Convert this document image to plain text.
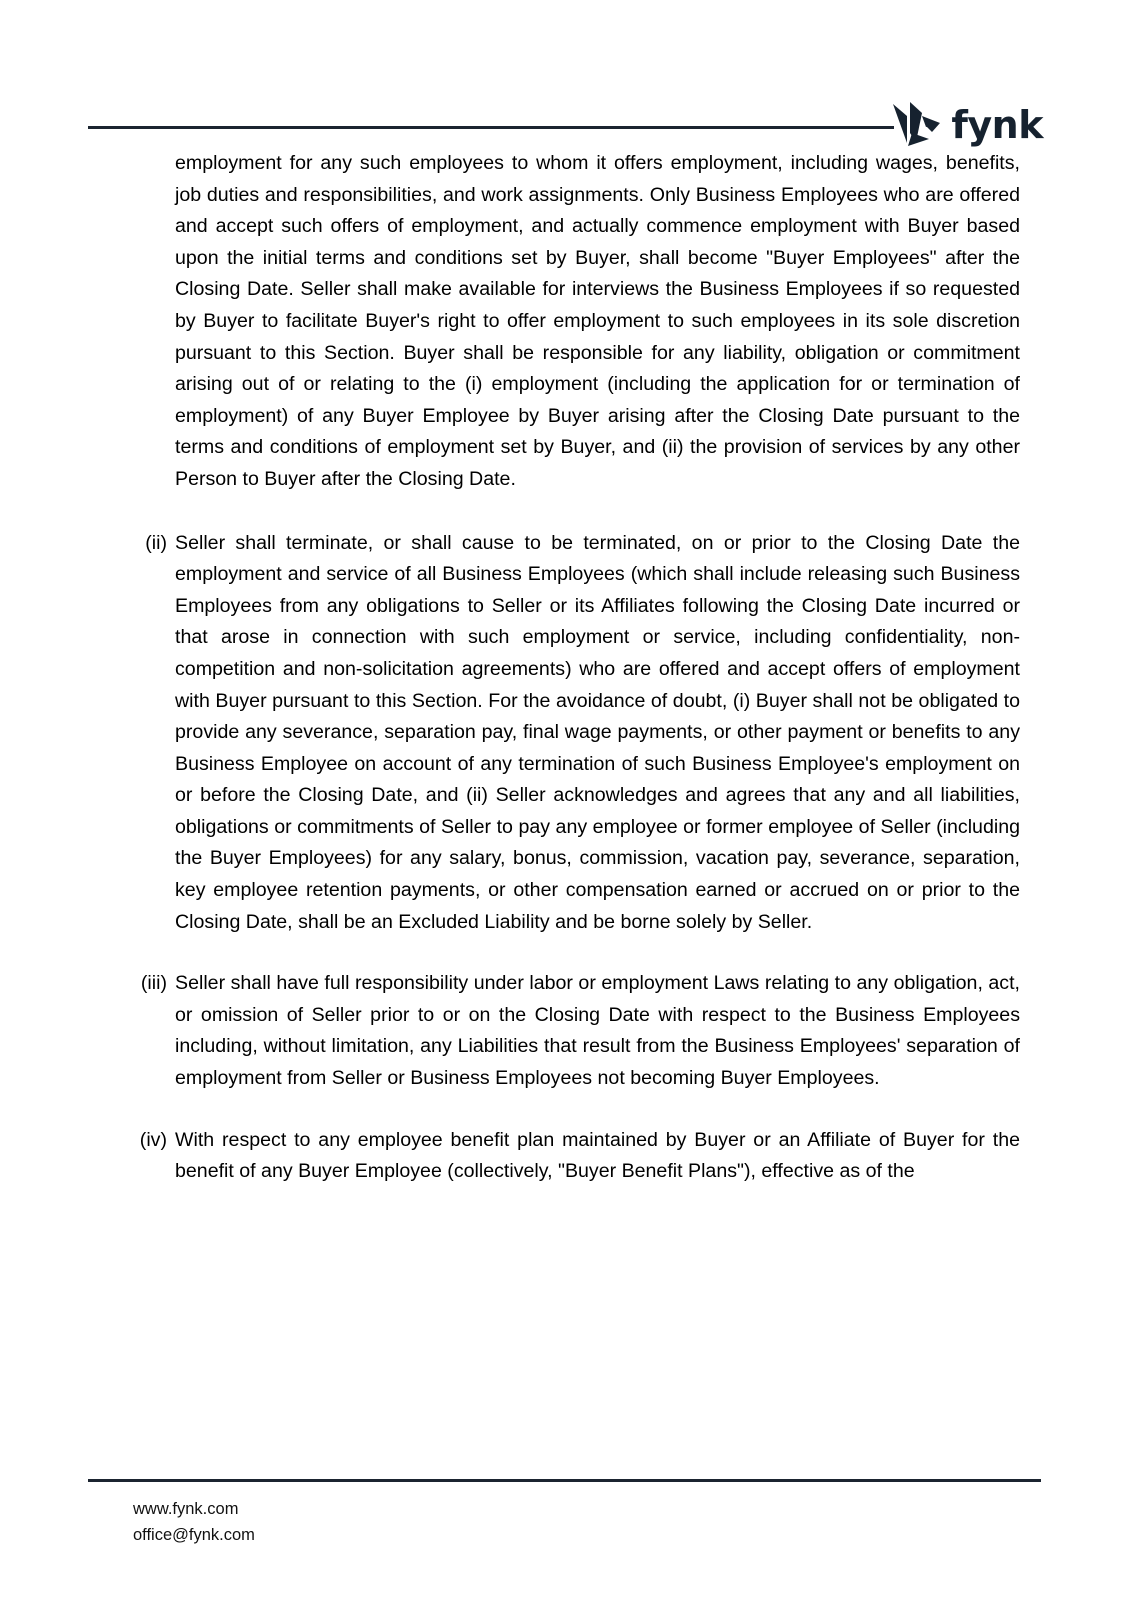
fynk

employment for any such employees to whom it offers employment, including wages, benefits, job duties and responsibilities, and work assignments. Only Business Employees who are offered and accept such offers of employment, and actually commence employment with Buyer based upon the initial terms and conditions set by Buyer, shall become "Buyer Employees" after the Closing Date. Seller shall make available for interviews the Business Employees if so requested by Buyer to facilitate Buyer's right to offer employment to such employees in its sole discretion pursuant to this Section. Buyer shall be responsible for any liability, obligation or commitment arising out of or relating to the (i) employment (including the application for or termination of employment) of any Buyer Employee by Buyer arising after the Closing Date pursuant to the terms and conditions of employment set by Buyer, and (ii) the provision of services by any other Person to Buyer after the Closing Date.

(ii) Seller shall terminate, or shall cause to be terminated, on or prior to the Closing Date the employment and service of all Business Employees (which shall include releasing such Business Employees from any obligations to Seller or its Affiliates following the Closing Date incurred or that arose in connection with such employment or service, including confidentiality, non-competition and non-solicitation agreements) who are offered and accept offers of employment with Buyer pursuant to this Section. For the avoidance of doubt, (i) Buyer shall not be obligated to provide any severance, separation pay, final wage payments, or other payment or benefits to any Business Employee on account of any termination of such Business Employee's employment on or before the Closing Date, and (ii) Seller acknowledges and agrees that any and all liabilities, obligations or commitments of Seller to pay any employee or former employee of Seller (including the Buyer Employees) for any salary, bonus, commission, vacation pay, severance, separation, key employee retention payments, or other compensation earned or accrued on or prior to the Closing Date, shall be an Excluded Liability and be borne solely by Seller.
(iii) Seller shall have full responsibility under labor or employment Laws relating to any obligation, act, or omission of Seller prior to or on the Closing Date with respect to the Business Employees including, without limitation, any Liabilities that result from the Business Employees' separation of employment from Seller or Business Employees not becoming Buyer Employees.
(iv) With respect to any employee benefit plan maintained by Buyer or an Affiliate of Buyer for the benefit of any Buyer Employee (collectively, "Buyer Benefit Plans"), effective as of the
www.fynk.com
office@fynk.com
